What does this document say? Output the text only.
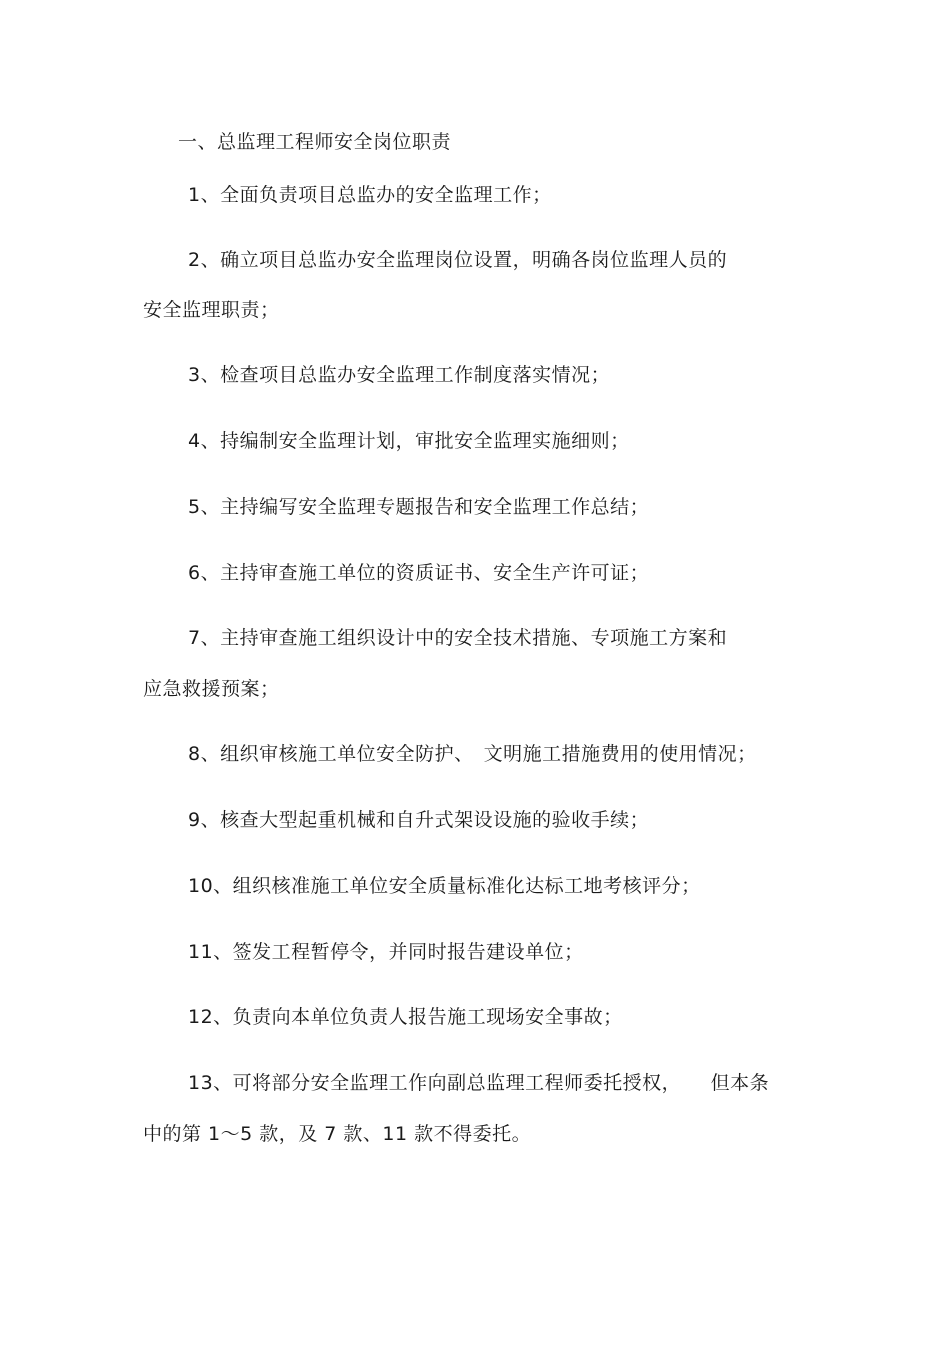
一、总监理工程师安全岗位职责
1、全面负责项目总监办的安全监理工作；
2、确立项目总监办安全监理岗位设置，明确各岗位监理人员的
安全监理职责；
3、检查项目总监办安全监理工作制度落实情况；
4、持编制安全监理计划，审批安全监理实施细则；
5、主持编写安全监理专题报告和安全监理工作总结；
6、主持审查施工单位的资质证书、安全生产许可证；
7、主持审查施工组织设计中的安全技术措施、专项施工方案和
应急救援预案；
8、组织审核施工单位安全防护、　文明施工措施费用的使用情况；
9、核查大型起重机械和自升式架设设施的验收手续；
10、组织核准施工单位安全质量标准化达标工地考核评分；
11、签发工程暂停令，并同时报告建设单位；
12、负责向本单位负责人报告施工现场安全事故；
13、可将部分安全监理工作向副总监理工程师委托授权，　　但本条
中的第 1～5 款，及 7 款、11 款不得委托。
